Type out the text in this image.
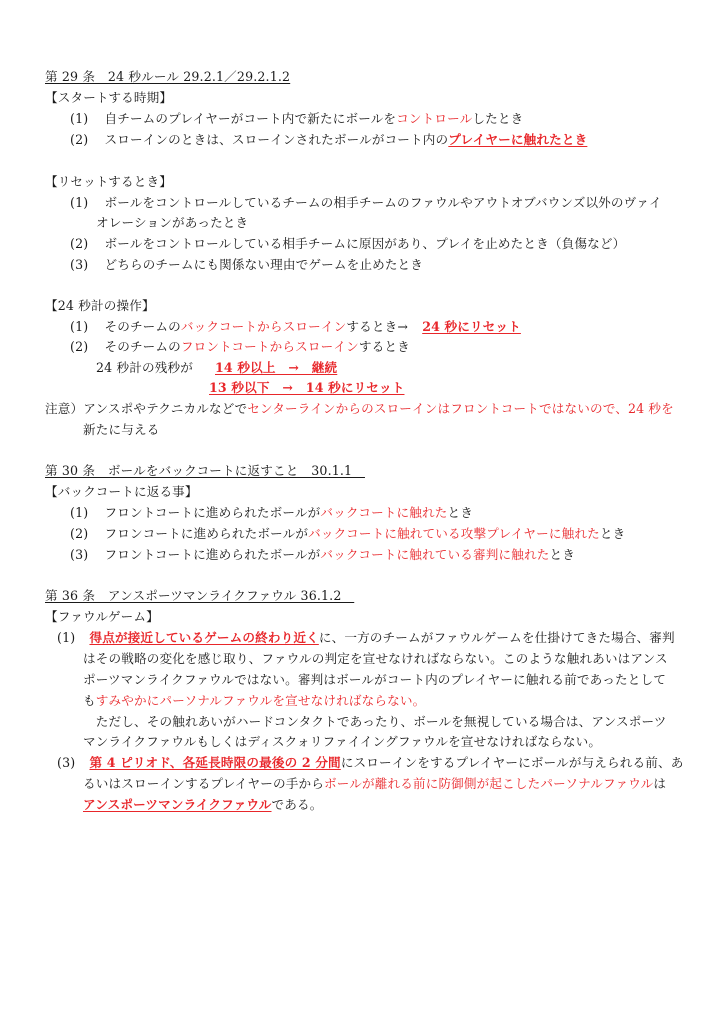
第 29 条　24 秒ルール 29.2.1／29.2.1.2
【スタートする時期】
(1) 自チームのプレイヤーがコート内で新たにボールをコントロールしたとき
(2) スローインのときは、スローインされたボールがコート内のプレイヤーに触れたとき
【リセットするとき】
(1) ボールをコントロールしているチームの相手チームのファウルやアウトオブバウンズ以外のヴァイ
オレーションがあったとき
(2) ボールをコントロールしている相手チームに原因があり、プレイを止めたとき（負傷など）
(3) どちらのチームにも関係ない理由でゲームを止めたとき
【24 秒計の操作】
(1) そのチームのバックコートからスローインするとき→ 24 秒にリセット
(2) そのチームのフロントコートからスローインするとき
24 秒計の残秒が 14 秒以上　→　継続
13 秒以下　→　14 秒にリセット
注意）アンスポやテクニカルなどでセンターラインからのスローインはフロントコートではないので、24 秒を
新たに与える
第 30 条　ボールをバックコートに返すこと　30.1.1　
【バックコートに返る事】
(1) フロントコートに進められたボールがバックコートに触れたとき
(2) フロンコートに進められたボールがバックコートに触れている攻撃プレイヤーに触れたとき
(3) フロントコートに進められたボールがバックコートに触れている審判に触れたとき
第 36 条　アンスポーツマンライクファウル 36.1.2　
【ファウルゲーム】
(1) 得点が接近しているゲームの終わり近くに、一方のチームがファウルゲームを仕掛けてきた場合、審判
はその戦略の変化を感じ取り、ファウルの判定を宣せなければならない。このような触れあいはアンス
ポーツマンライクファウルではない。審判はボールがコート内のプレイヤーに触れる前であったとして
もすみやかにパーソナルファウルを宣せなければならない。
　ただし、その触れあいがハードコンタクトであったり、ボールを無視している場合は、アンスポーツ
マンライクファウルもしくはディスクォリファイイングファウルを宣せなければならない。
(3) 第 4 ピリオド、各延長時限の最後の 2 分間にスローインをするプレイヤーにボールが与えられる前、あ
るいはスローインするプレイヤーの手からボールが離れる前に防御側が起こしたパーソナルファウルは
アンスポーツマンライクファウルである。
